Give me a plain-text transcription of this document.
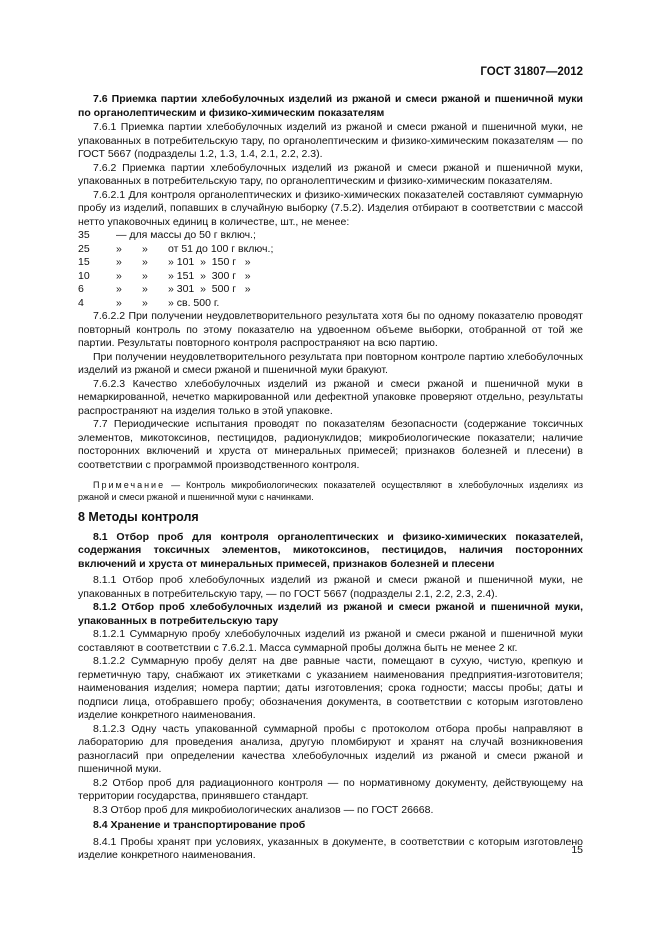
ГОСТ 31807—2012
7.6 Приемка партии хлебобулочных изделий из ржаной и смеси ржаной и пшеничной муки по органолептическим и физико-химическим показателям

7.6.1 Приемка партии хлебобулочных изделий из ржаной и смеси ржаной и пшеничной муки, не упакованных в потребительскую тару, по органолептическим и физико-химическим показателям — по ГОСТ 5667 (подразделы 1.2, 1.3, 1.4, 2.1, 2.2, 2.3).

7.6.2 Приемка партии хлебобулочных изделий из ржаной и смеси ржаной и пшеничной муки, упакованных в потребительскую тару, по органолептическим и физико-химическим показателям.

7.6.2.1 Для контроля органолептических и физико-химических показателей составляют суммарную пробу из изделий, попавших в случайную выборку (7.5.2). Изделия отбирают в соответствии с массой нетто упаковочных единиц в количестве, шт., не менее:

35	— для массы до 50 г включ.;
25	»	»	от 51 до 100 г включ.;
15	»	»	» 101  »  150 г   »
10	»	»	» 151  »  300 г   »
6	»	»	» 301  »  500 г   »
4	»	»	» св. 500 г.

7.6.2.2 При получении неудовлетворительного результата хотя бы по одному показателю проводят повторный контроль по этому показателю на удвоенном объеме выборки, отобранной от той же партии. Результаты повторного контроля распространяют на всю партию.

При получении неудовлетворительного результата при повторном контроле партию хлебобулочных изделий из ржаной и смеси ржаной и пшеничной муки бракуют.

7.6.2.3 Качество хлебобулочных изделий из ржаной и смеси ржаной и пшеничной муки в немаркированной, нечетко маркированной или дефектной упаковке проверяют отдельно, результаты распространяют на изделия только в этой упаковке.

7.7 Периодические испытания проводят по показателям безопасности (содержание токсичных элементов, микотоксинов, пестицидов, радионуклидов; микробиологические показатели; наличие посторонних включений и хруста от минеральных примесей; признаков болезней и плесени) в соответствии с программой производственного контроля.

Примечание — Контроль микробиологических показателей осуществляют в хлебобулочных изделиях из ржаной и смеси ржаной и пшеничной муки с начинками.
8 Методы контроля
8.1 Отбор проб для контроля органолептических и физико-химических показателей, содержания токсичных элементов, микотоксинов, пестицидов, наличия посторонних включений и хруста от минеральных примесей, признаков болезней и плесени

8.1.1 Отбор проб хлебобулочных изделий из ржаной и смеси ржаной и пшеничной муки, не упакованных в потребительскую тару, — по ГОСТ 5667 (подразделы 2.1, 2.2, 2.3, 2.4).

8.1.2 Отбор проб хлебобулочных изделий из ржаной и смеси ржаной и пшеничной муки, упакованных в потребительскую тару

8.1.2.1 Суммарную пробу хлебобулочных изделий из ржаной и смеси ржаной и пшеничной муки составляют в соответствии с 7.6.2.1. Масса суммарной пробы должна быть не менее 2 кг.

8.1.2.2 Суммарную пробу делят на две равные части, помещают в сухую, чистую, крепкую и герметичную тару, снабжают их этикетками с указанием наименования предприятия-изготовителя; наименования изделия; номера партии; даты изготовления; срока годности; массы пробы; даты и подписи лица, отобравшего пробу; обозначения документа, в соответствии с которым изготовлено изделие конкретного наименования.

8.1.2.3 Одну часть упакованной суммарной пробы с протоколом отбора пробы направляют в лабораторию для проведения анализа, другую пломбируют и хранят на случай возникновения разногласий при определении качества хлебобулочных изделий из ржаной и смеси ржаной и пшеничной муки.

8.2 Отбор проб для радиационного контроля — по нормативному документу, действующему на территории государства, принявшего стандарт.

8.3 Отбор проб для микробиологических анализов — по ГОСТ 26668.

8.4 Хранение и транспортирование проб

8.4.1 Пробы хранят при условиях, указанных в документе, в соответствии с которым изготовлено изделие конкретного наименования.	15
